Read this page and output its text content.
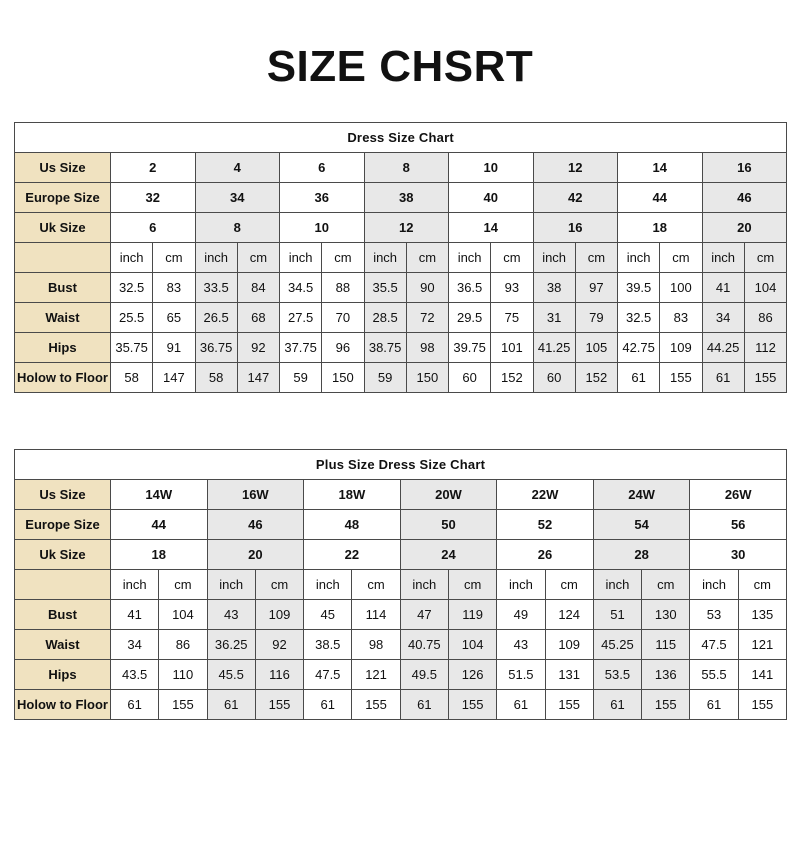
SIZE CHSRT
Dress Size Chart																
Us Size	2		4		6		8		10		12		14		16	
Europe Size	32		34		36		38		40		42		44		46	
Uk Size	6		8		10		12		14		16		18		20	
	inch	cm	inch	cm	inch	cm	inch	cm	inch	cm	inch	cm	inch	cm	inch	cm
Bust	32.5	83	33.5	84	34.5	88	35.5	90	36.5	93	38	97	39.5	100	41	104
Waist	25.5	65	26.5	68	27.5	70	28.5	72	29.5	75	31	79	32.5	83	34	86
Hips	35.75	91	36.75	92	37.75	96	38.75	98	39.75	101	41.25	105	42.75	109	44.25	112
Holow to Floor	58	147	58	147	59	150	59	150	60	152	60	152	61	155	61	155
Plus Size Dress Size Chart														
Us Size	14W		16W		18W		20W		22W		24W		26W	
Europe Size	44		46		48		50		52		54		56	
Uk Size	18		20		22		24		26		28		30	
	inch	cm	inch	cm	inch	cm	inch	cm	inch	cm	inch	cm	inch	cm
Bust	41	104	43	109	45	114	47	119	49	124	51	130	53	135
Waist	34	86	36.25	92	38.5	98	40.75	104	43	109	45.25	115	47.5	121
Hips	43.5	110	45.5	116	47.5	121	49.5	126	51.5	131	53.5	136	55.5	141
Holow to Floor	61	155	61	155	61	155	61	155	61	155	61	155	61	155
